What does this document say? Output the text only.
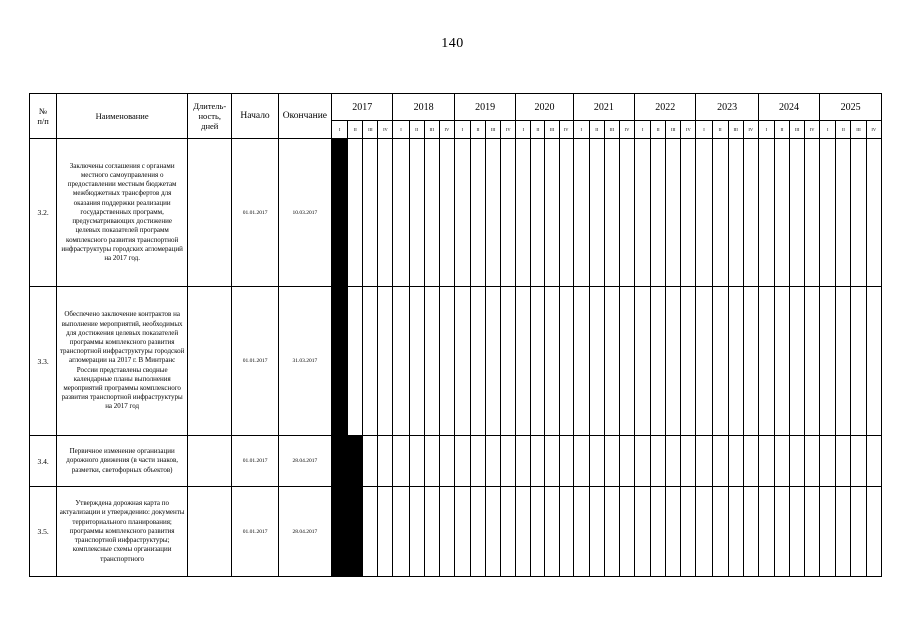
140
№
п/п	Наименование	Длитель-
ность,
дней	Начало	Окончание	2017				2018				2019				2020				2021				2022				2023				2024				2025			
					I	II	III	IV	I	II	III	IV	I	II	III	IV	I	II	III	IV	I	II	III	IV	I	II	III	IV	I	II	III	IV	I	II	III	IV	I	II	III	IV
3.2.	Заключены соглашения с органами местного самоуправления о предоставлении местным бюджетам межбюджетных трансфертов для оказания поддержки реализации государственных программ, предусматривающих достижение целевых показателей программ комплексного развития транспортной инфраструктуры городских агломераций на 2017 год.		01.01.2017	10.03.2017																																				
3.3.	Обеспечено заключение контрактов на выполнение мероприятий, необходимых для достижения целевых показателей программы комплексного развития транспортной инфраструктуры городской агломерации на 2017 г. В Минтранс России представлены сводные календарные планы выполнения мероприятий программы комплексного развития транспортной инфраструктуры на 2017 год		01.01.2017	31.03.2017																																				
3.4.	Первичное изменение организации дорожного движения (в части знаков, разметки, светофорных объектов)		01.01.2017	28.04.2017																																				
3.5.	Утверждена дорожная карта по актуализации и утверждению: документы территориального планирования; программы комплексного развития транспортной инфраструктуры; комплексные схемы организации транспортного		01.01.2017	28.04.2017																																				
